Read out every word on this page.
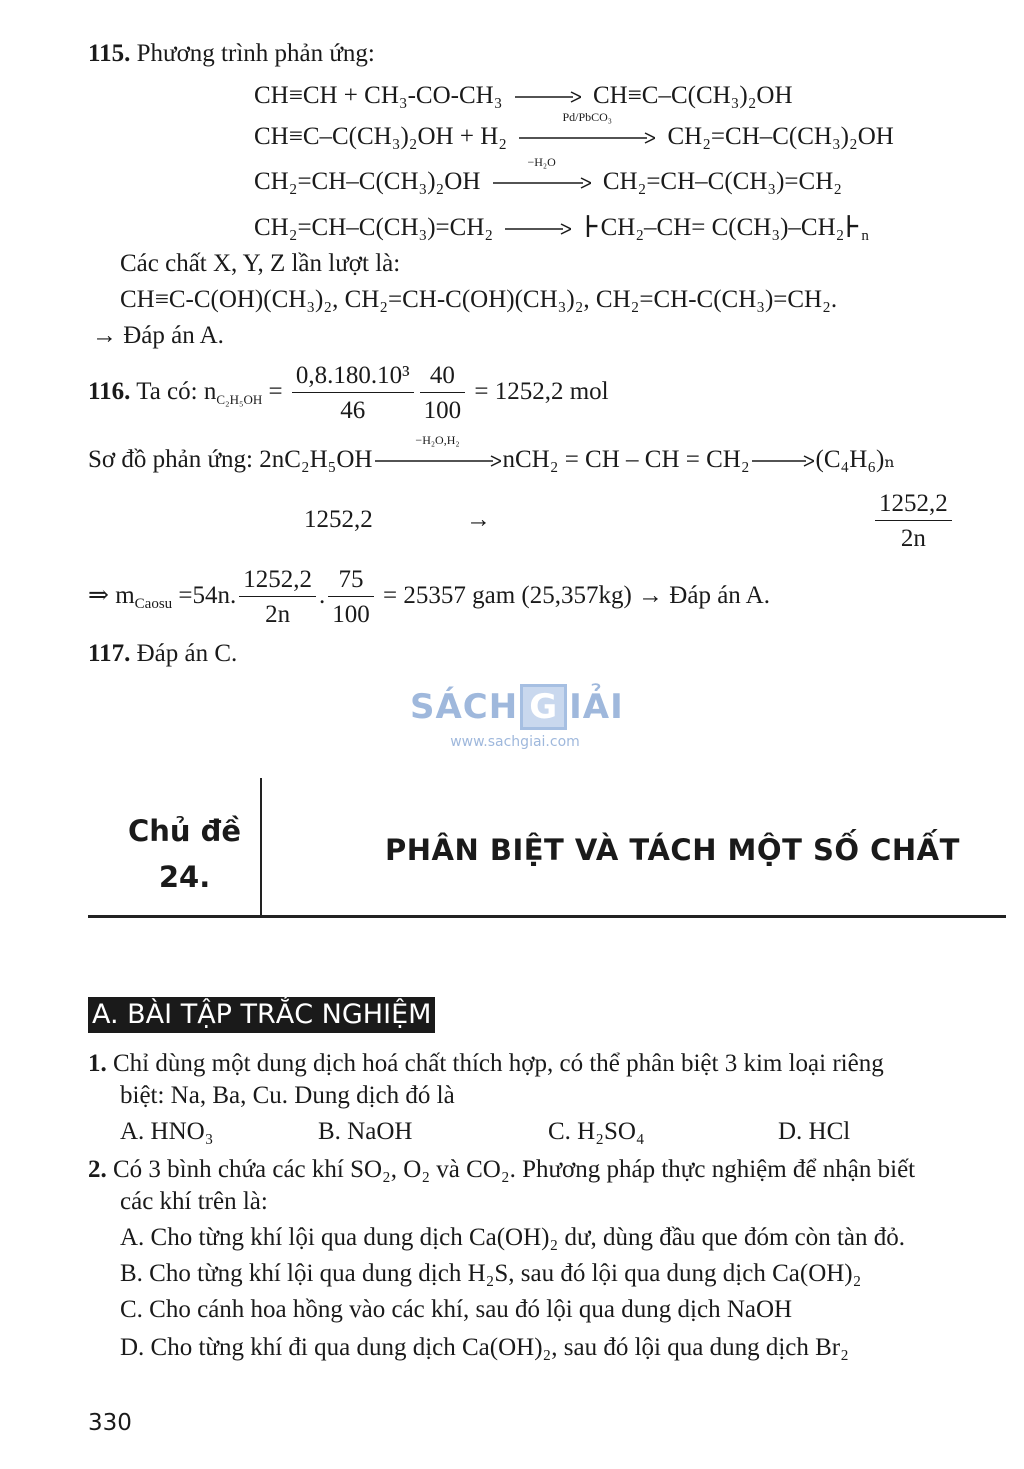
115. Phương trình phản ứng:
CH≡CH + CH₃-CO-CH₃ → CH≡C–C(CH₃)₂OH
CH≡C–C(CH₃)₂OH + H₂
Pd/PbCO₃
CH₂=CH–C(CH₃)₂OH
CH₂=CH–C(CH₃)₂OH
−H₂O
CH₂=CH–C(CH₃)=CH₂
CH₂=CH–C(CH₃)=CH₂ → ⊦CH₂–CH= $C(CH_3)-CH_2⊦_n$
Các chất X, Y, Z lần lượt là:
CH≡C-C(OH)(CH₃)₂, CH₂=CH-C(OH)(CH₃)₂, CH₂=CH-C(CH₃)=CH₂.
→ Đáp án A.
116. Ta có: $n_{C_2H_5OH} = \frac{\text{0,8.180.10³}}{46} \frac{40}{100} = 1252,2$ mol
Sơ đồ phản ứng: 2nC₂H₅OH
−H₂O,H₂
nCH₂ = CH – CH = CH₂ → (C₄H₆)ₙ
1252,2	→	$\frac{1252,2}{2n}$
⇒ $m_{Caosu} =54n$. $\frac{1252,2}{2n}$ . $\frac{75}{100} = 25357$ gam (25,357kg) → Đáp án A.
117. Đáp án C.
SÁCH G IẢI
www.sachgiai.com
Chủ đề
24.
PHÂN BIỆT VÀ TÁCH MỘT SỐ CHẤT
A. BÀI TẬP TRẮC NGHIỆM
1. Chỉ dùng một dung dịch hoá chất thích hợp, có thể phân biệt 3 kim loại riêng
biệt: Na, Ba, Cu. Dung dịch đó là
A. HNO₃	B. NaOH	C. H₂SO₄	D. HCl
2. Có 3 bình chứa các khí SO₂, O₂ và CO₂. Phương pháp thực nghiệm để nhận biết
các khí trên là:
A. Cho từng khí lội qua dung dịch Ca(OH)₂ dư, dùng đầu que đóm còn tàn đỏ.
B. Cho từng khí lội qua dung dịch H₂S, sau đó lội qua dung dịch Ca(OH)₂
C. Cho cánh hoa hồng vào các khí, sau đó lội qua dung dịch NaOH
D. Cho từng khí đi qua dung dịch Ca(OH)₂, sau đó lội qua dung dịch Br₂
330
